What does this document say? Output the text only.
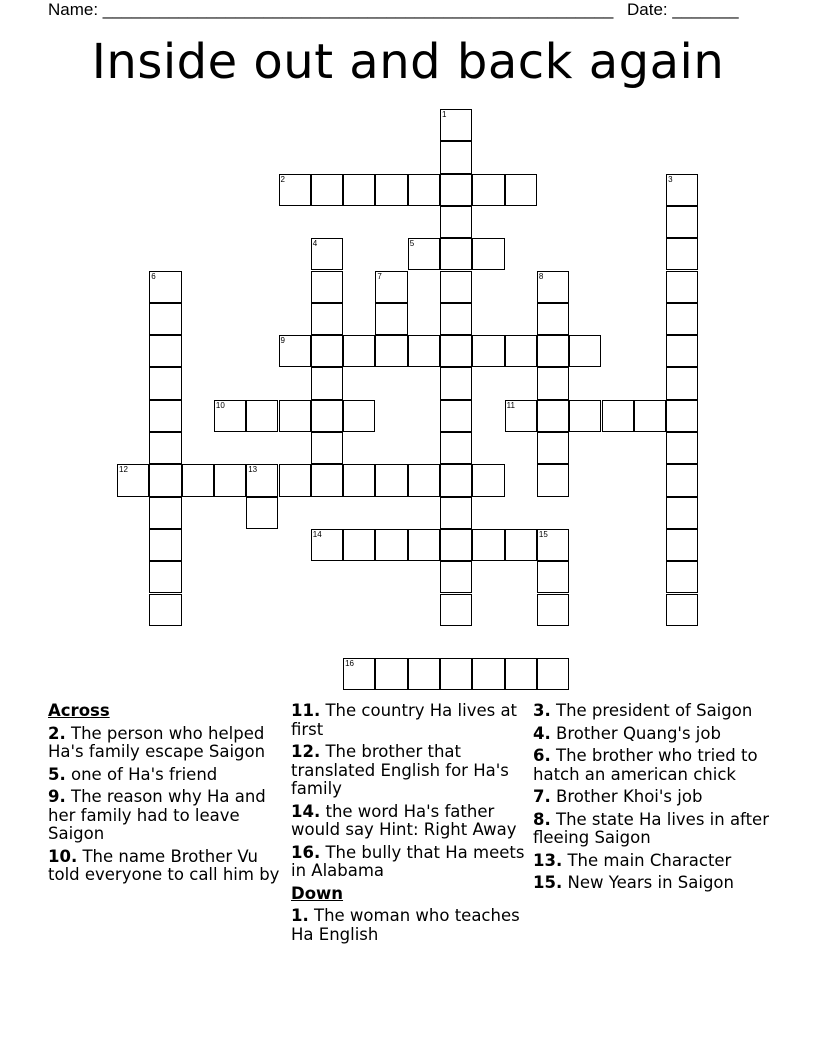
Name: ______________________________________________________ Date: _______
Inside out and back again
1
2	3
4	5
6	7	8
9
10	11
12	13
14	15
16
Across
2. The person who helped Ha's family escape Saigon
5. one of Ha's friend
9. The reason why Ha and her family had to leave Saigon
10. The name Brother Vu told everyone to call him by
11. The country Ha lives at first
12. The brother that translated English for Ha's family
14. the word Ha's father would say Hint: Right Away
16. The bully that Ha meets in Alabama
Down
1. The woman who teaches Ha English
3. The president of Saigon
4. Brother Quang's job
6. The brother who tried to hatch an american chick
7. Brother Khoi's job
8. The state Ha lives in after fleeing Saigon
13. The main Character
15. New Years in Saigon
